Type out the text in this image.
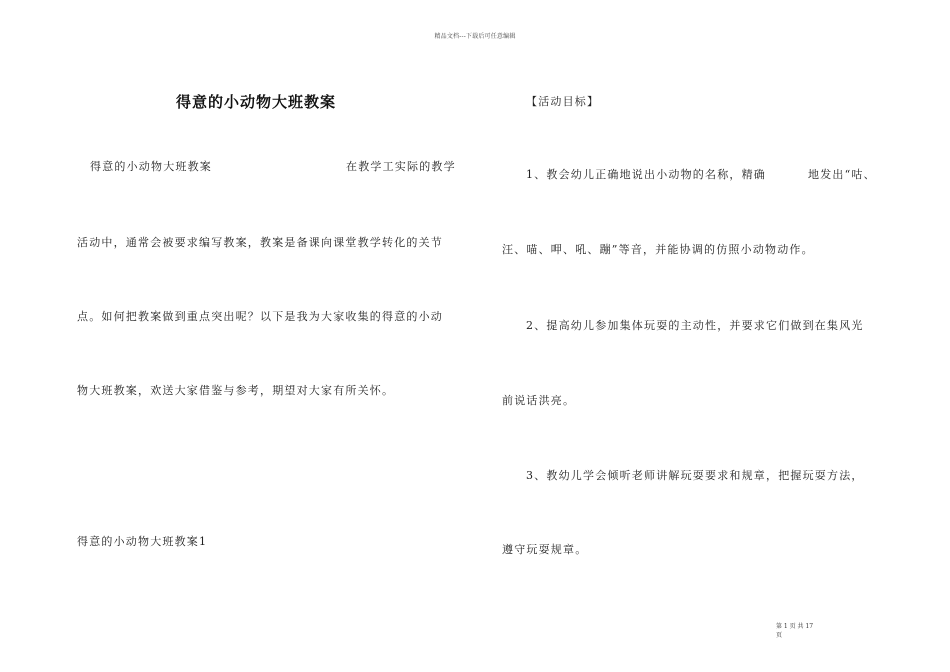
精品文档---下载后可任意编辑
得意的小动物大班教案
得意的小动物大班教案	在教学工实际的教学
活动中，通常会被要求编写教案，教案是备课向课堂教学转化的关节
点。如何把教案做到重点突出呢？以下是我为大家收集的得意的小动
物大班教案，欢送大家借鉴与参考，期望对大家有所关怀。
得意的小动物大班教案1
【活动目标】
1、教会幼儿正确地说出小动物的名称，精确	地发出“咕、
汪、喵、呷、吼、蹦”等音，并能协调的仿照小动物动作。
2、提高幼儿参加集体玩耍的主动性，并要求它们做到在集风光
前说话洪亮。
3、教幼儿学会倾听老师讲解玩耍要求和规章，把握玩耍方法，
遵守玩耍规章。
第 1 页 共 17
页
